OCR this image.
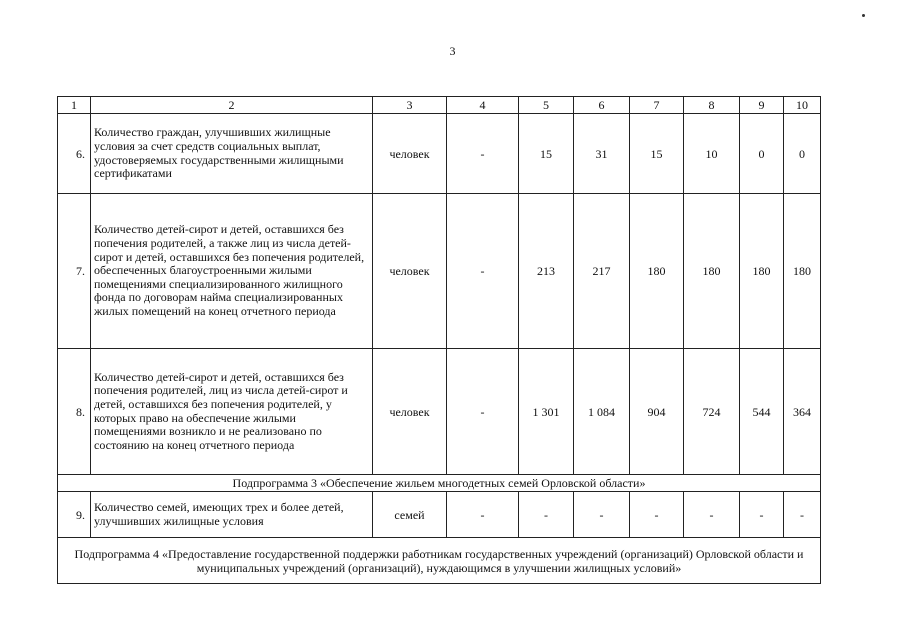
3
1	2	3	4	5	6	7	8	9	10
6.	Количество граждан, улучшивших жилищные условия за счет средств социальных выплат, удостоверяемых государственными жилищными сертификатами	человек	-	15	31	15	10	0	0
7.	Количество детей-сирот и детей, оставшихся без попечения родителей, а также лиц из числа детей-сирот и детей, оставшихся без попечения родителей, обеспеченных благоустроенными жилыми помещениями специализированного жилищного фонда по договорам найма специализированных жилых помещений на конец отчетного периода	человек	-	213	217	180	180	180	180
8.	Количество детей-сирот и детей, оставшихся без попечения родителей, лиц из числа детей-сирот и детей, оставшихся без попечения родителей, у которых право на обеспечение жилыми помещениями возникло и не реализовано по состоянию на конец отчетного периода	человек	-	1 301	1 084	904	724	544	364
Подпрограмма 3 «Обеспечение жильем многодетных семей Орловской области»									
9.	Количество семей, имеющих трех и более детей, улучшивших жилищные условия	семей	-	-	-	-	-	-	-
Подпрограмма 4 «Предоставление государственной поддержки работникам государственных учреждений (организаций) Орловской области и муниципальных учреждений (организаций), нуждающимся в улучшении жилищных условий»									
